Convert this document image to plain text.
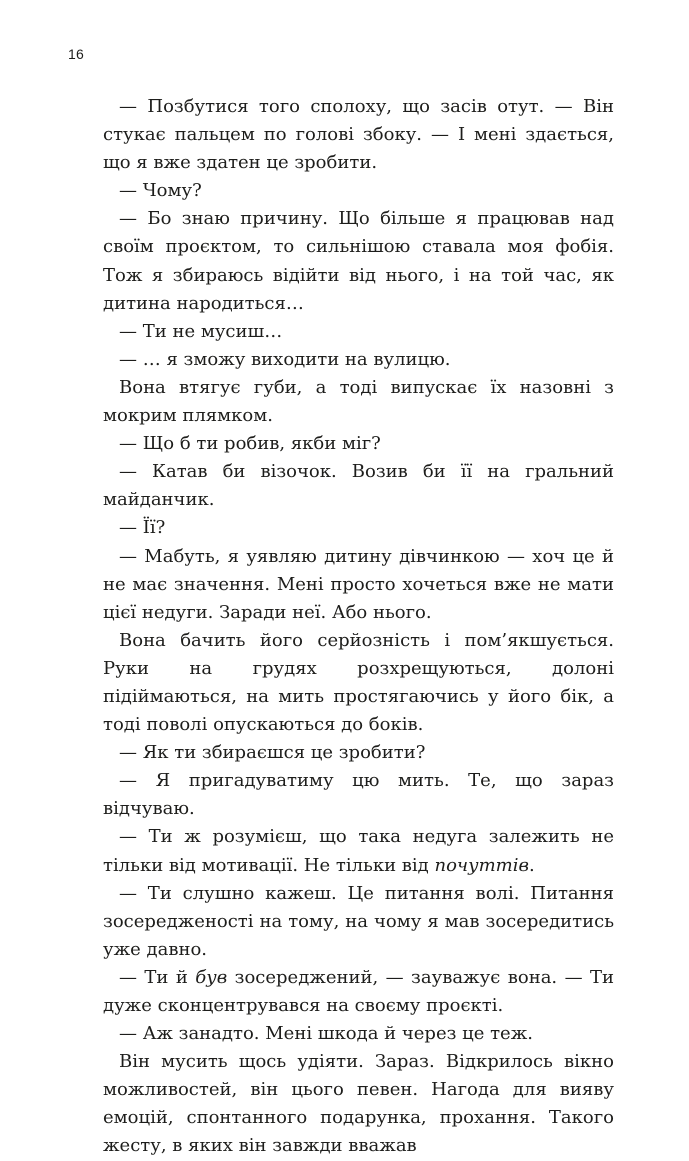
16

— Позбутися того сполоху, що засів отут. — Він стукає пальцем по голові збоку. — І мені здається, що я вже здатен це зробити.

— Чому?

— Бо знаю причину. Що більше я працював над своїм проєктом, то сильнішою ставала моя фобія. Тож я збираюсь відійти від нього, і на той час, як дитина народиться…

— Ти не мусиш…

— … я зможу виходити на вулицю.

Вона втягує губи, а тоді випускає їх назовні з мокрим плямком.

— Що б ти робив, якби міг?

— Катав би візочок. Возив би її на гральний майданчик.

— Її?

— Мабуть, я уявляю дитину дівчинкою — хоч це й не має значення. Мені просто хочеться вже не мати цієї недуги. Заради неї. Або нього.

Вона бачить його серйозність і пом’якшується. Руки на грудях розхрещуються, долоні підіймаються, на мить простягаючись у його бік, а тоді поволі опускаються до боків.

— Як ти збираєшся це зробити?

— Я пригадуватиму цю мить. Те, що зараз відчуваю.

— Ти ж розумієш, що така недуга залежить не тільки від мотивації. Не тільки від почуттів.

— Ти слушно кажеш. Це питання волі. Питання зосередженості на тому, на чому я мав зосередитись уже давно.

— Ти й був зосереджений, — зауважує вона. — Ти дуже сконцентрувався на своєму проєкті.

— Аж занадто. Мені шкода й через це теж.

Він мусить щось удіяти. Зараз. Відкрилось вікно можливостей, він цього певен. Нагода для вияву емоцій, спонтанного подарунка, прохання. Такого жесту, в яких він завжди вважав
